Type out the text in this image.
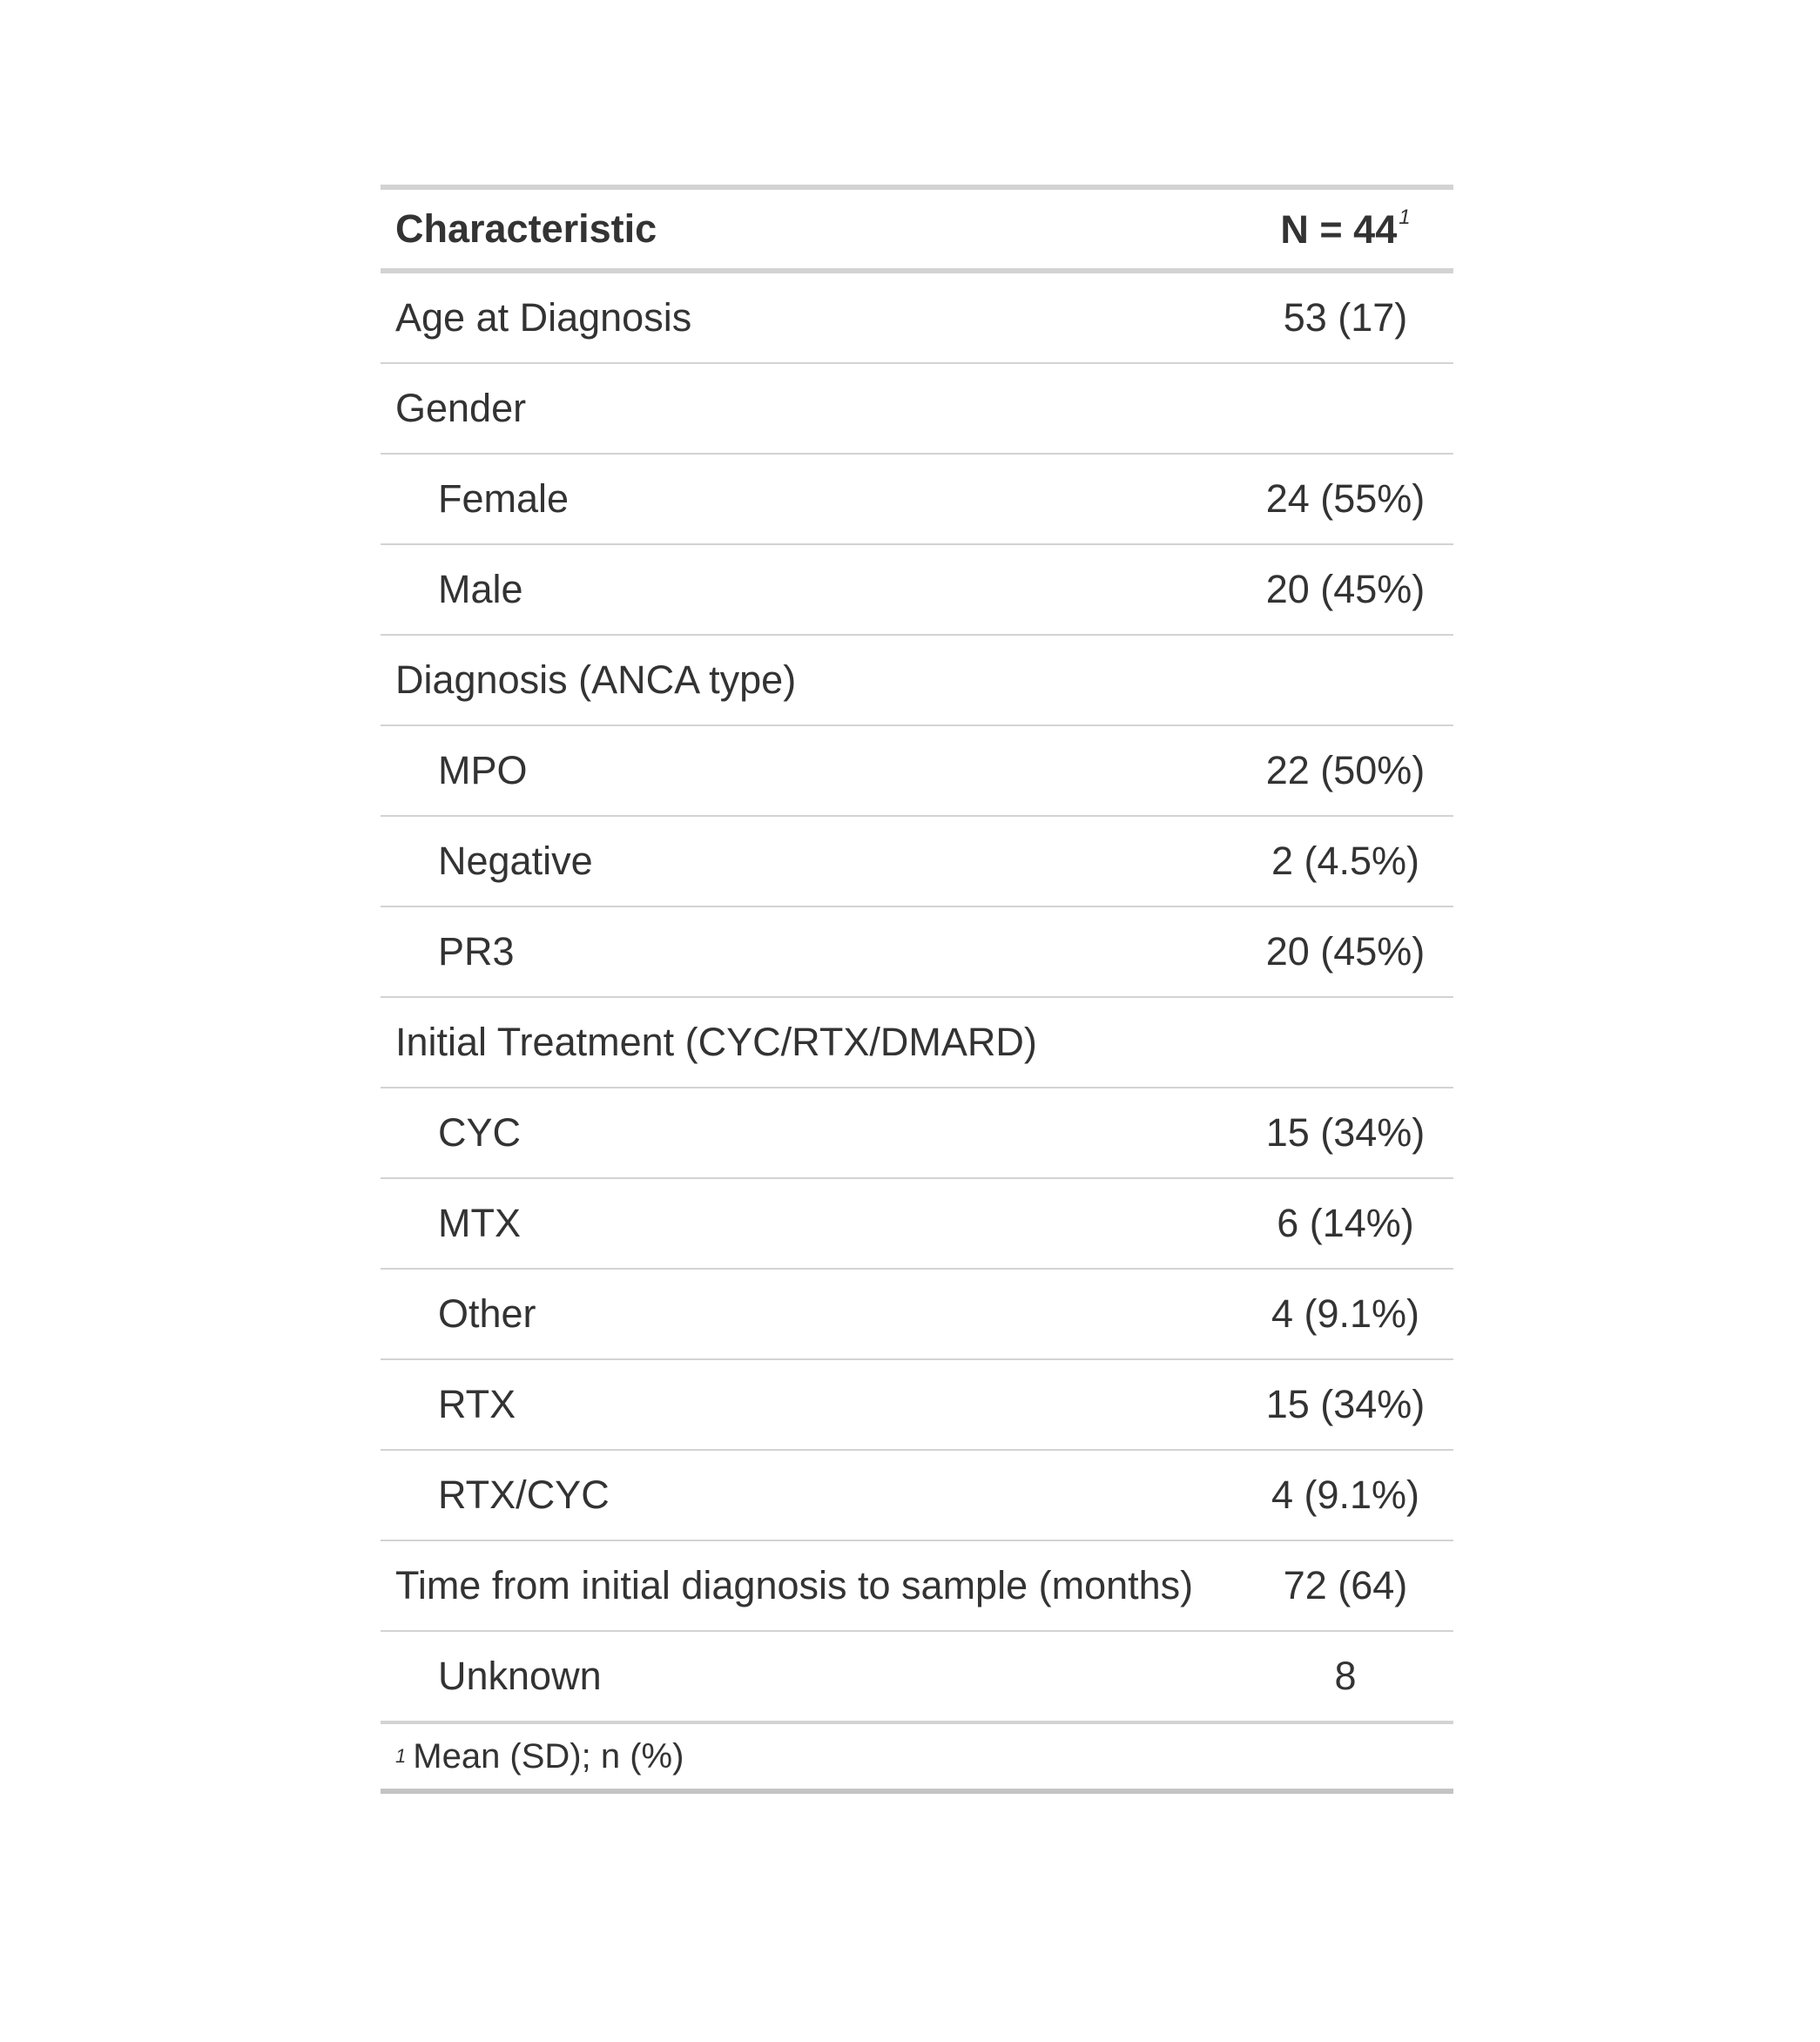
Characteristic	$N = 44^1$
Age at Diagnosis	53 (17)
Gender	
Female	24 (55%)
Male	20 (45%)
Diagnosis (ANCA type)	
MPO	22 (50%)
Negative	2 (4.5%)
PR3	20 (45%)
Initial Treatment (CYC/RTX/DMARD)	
CYC	15 (34%)
MTX	6 (14%)
Other	4 (9.1%)
RTX	15 (34%)
RTX/CYC	4 (9.1%)
Time from initial diagnosis to sample (months)	72 (64)
Unknown	8
1 Mean (SD); n (%)
